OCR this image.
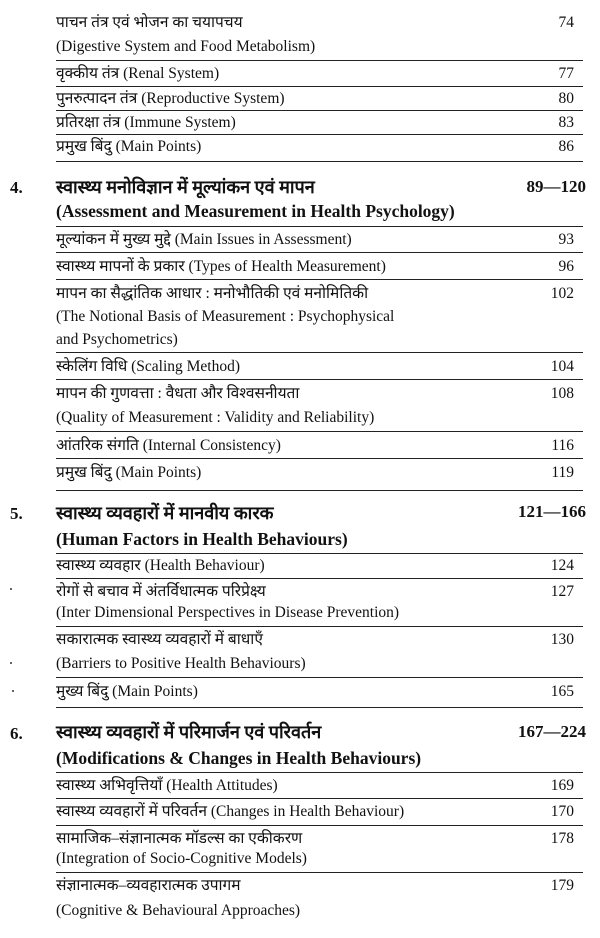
पाचन तंत्र एवं भोजन का चयापचय	74
(Digestive System and Food Metabolism)
वृक्कीय तंत्र (Renal System)	77
पुनरुत्पादन तंत्र (Reproductive System)	80
प्रतिरक्षा तंत्र (Immune System)	83
प्रमुख बिंदु (Main Points)	86
4. स्वास्थ्य मनोविज्ञान में मूल्यांकन एवं मापन	89—120
(Assessment and Measurement in Health Psychology)
मूल्यांकन में मुख्य मुद्दे (Main Issues in Assessment)	93
स्वास्थ्य मापनों के प्रकार (Types of Health Measurement)	96
मापन का सैद्धांतिक आधार : मनोभौतिकी एवं मनोमितिकी	102
(The Notional Basis of Measurement : Psychophysical
and Psychometrics)
स्केलिंग विधि (Scaling Method)	104
मापन की गुणवत्ता : वैधता और विश्वसनीयता	108
(Quality of Measurement : Validity and Reliability)
आंतरिक संगति (Internal Consistency)	116
प्रमुख बिंदु (Main Points)	119
5. स्वास्थ्य व्यवहारों में मानवीय कारक	121—166
(Human Factors in Health Behaviours)
स्वास्थ्य व्यवहार (Health Behaviour)	124
रोगों से बचाव में अंतर्विधात्मक परिप्रेक्ष्य	127
(Inter Dimensional Perspectives in Disease Prevention)
सकारात्मक स्वास्थ्य व्यवहारों में बाधाएँ	130
(Barriers to Positive Health Behaviours)
मुख्य बिंदु (Main Points)	165
6. स्वास्थ्य व्यवहारों में परिमार्जन एवं परिवर्तन	167—224
(Modifications & Changes in Health Behaviours)
स्वास्थ्य अभिवृत्तियाँ (Health Attitudes)	169
स्वास्थ्य व्यवहारों में परिवर्तन (Changes in Health Behaviour)	170
सामाजिक–संज्ञानात्मक मॉडल्स का एकीकरण	178
(Integration of Socio-Cognitive Models)
संज्ञानात्मक–व्यवहारात्मक उपागम	179
(Cognitive & Behavioural Approaches)
